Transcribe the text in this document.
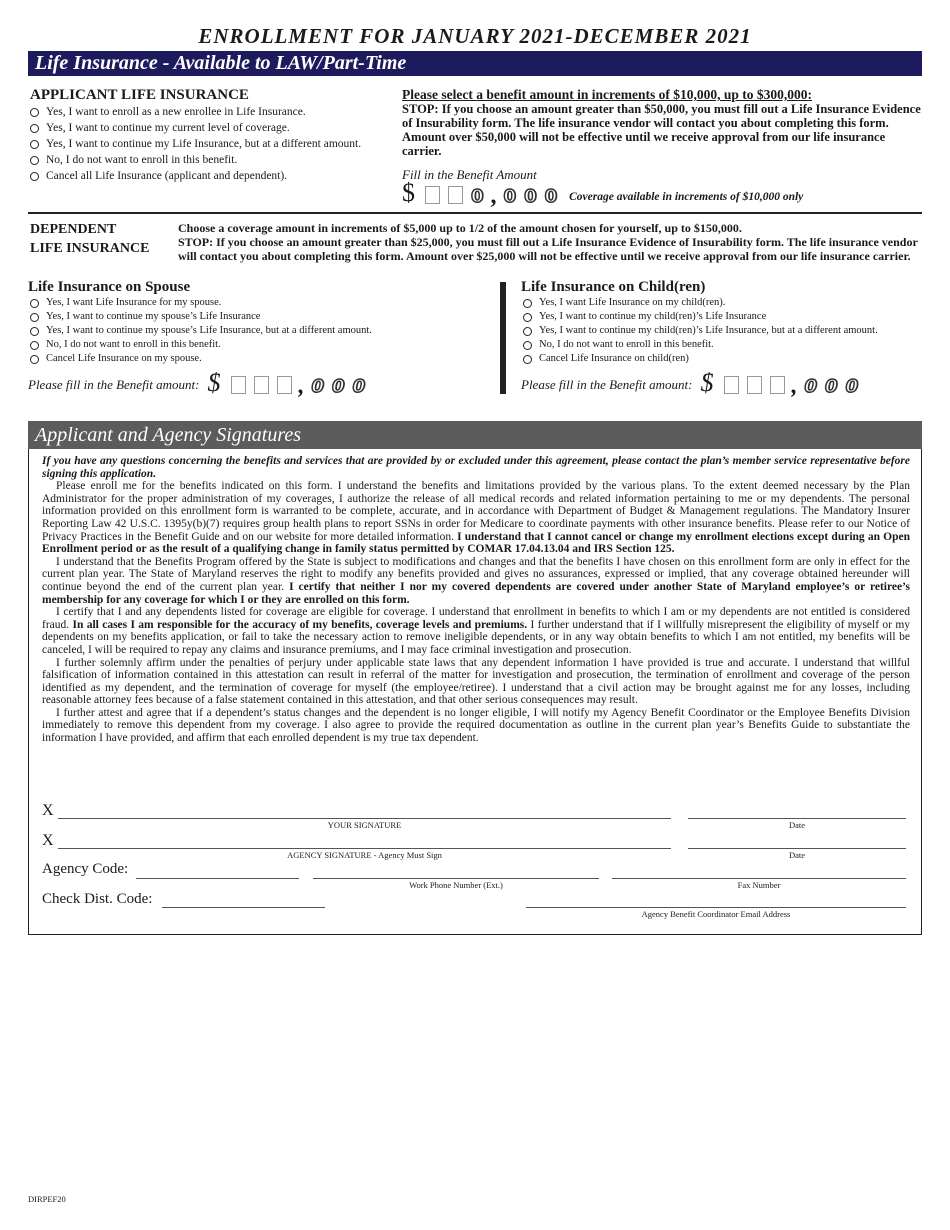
ENROLLMENT FOR JANUARY 2021-DECEMBER 2021
Life Insurance - Available to LAW/Part-Time
APPLICANT LIFE INSURANCE
Yes, I want to enroll as a new enrollee in Life Insurance.
Yes, I want to continue my current level of coverage.
Yes, I want to continue my Life Insurance, but at a different amount.
No, I do not want to enroll in this benefit.
Cancel all Life Insurance (applicant and dependent).
Please select a benefit amount in increments of $10,000, up to $300,000:
STOP: If you choose an amount greater than $50,000, you must fill out a Life Insurance Evidence of Insurability form. The life insurance vendor will contact you about completing this form. Amount over $50,000 will not be effective until we receive approval from our life insurance carrier.
Fill in the Benefit Amount
$	0 , 0 0 0 Coverage available in increments of $10,000 only
DEPENDENT
LIFE INSURANCE
Choose a coverage amount in increments of $5,000 up to 1/2 of the amount chosen for yourself, up to $150,000.
STOP: If you choose an amount greater than $25,000, you must fill out a Life Insurance Evidence of Insurability form. The life insurance vendor will contact you about completing this form. Amount over $25,000 will not be effective until we receive approval from our life insurance carrier.
Life Insurance on Spouse
Yes, I want Life Insurance for my spouse.
Yes, I want to continue my spouse’s Life Insurance
Yes, I want to continue my spouse’s Life Insurance, but at a different amount.
No, I do not want to enroll in this benefit.
Cancel Life Insurance on my spouse.
Please fill in the Benefit amount: $	, 0 0 0
Life Insurance on Child(ren)
Yes, I want Life Insurance on my child(ren).
Yes, I want to continue my child(ren)’s Life Insurance
Yes, I want to continue my child(ren)’s Life Insurance, but at a different amount.
No, I do not want to enroll in this benefit.
Cancel Life Insurance on child(ren)
Please fill in the Benefit amount: $	, 0 0 0
Applicant and Agency Signatures

If you have any questions concerning the benefits and services that are provided by or excluded under this agreement, please contact the plan’s member service representative before signing this application.

Please enroll me for the benefits indicated on this form. I understand the benefits and limitations provided by the various plans. To the extent deemed necessary by the Plan Administrator for the proper administration of my coverages, I authorize the release of all medical records and related information pertaining to me or my dependents. The personal information provided on this enrollment form is warranted to be complete, accurate, and in accordance with Department of Budget & Management regulations. The Mandatory Insurer Reporting Law 42 U.S.C. 1395y(b)(7) requires group health plans to report SSNs in order for Medicare to coordinate payments with other insurance benefits. Please refer to our Notice of Privacy Practices in the Benefit Guide and on our website for more detailed information. I understand that I cannot cancel or change my enrollment elections except during an Open Enrollment period or as the result of a qualifying change in family status permitted by COMAR 17.04.13.04 and IRS Section 125.

I understand that the Benefits Program offered by the State is subject to modifications and changes and that the benefits I have chosen on this enrollment form are only in effect for the current plan year. The State of Maryland reserves the right to modify any benefits provided and gives no assurances, expressed or implied, that any coverage obtained hereunder will continue beyond the end of the current plan year. I certify that neither I nor my covered dependents are covered under another State of Maryland employee’s or retiree’s membership for any coverage for which I or they are enrolled on this form.

I certify that I and any dependents listed for coverage are eligible for coverage. I understand that enrollment in benefits to which I am or my dependents are not entitled is considered fraud. In all cases I am responsible for the accuracy of my benefits, coverage levels and premiums. I further understand that if I willfully misrepresent the eligibility of myself or my dependents on my benefits application, or fail to take the necessary action to remove ineligible dependents, or in any way obtain benefits to which I am not entitled, my benefits will be canceled, I will be required to repay any claims and insurance premiums, and I may face criminal investigation and prosecution.

I further solemnly affirm under the penalties of perjury under applicable state laws that any dependent information I have provided is true and accurate. I understand that willful falsification of information contained in this attestation can result in referral of the matter for investigation and prosecution, the termination of enrollment and coverage of the person identified as my dependent, and the termination of coverage for myself (the employee/retiree). I understand that a civil action may be brought against me for any losses, including reasonable attorney fees because of a false statement contained in this attestation, and that other serious consequences may result.

I further attest and agree that if a dependent’s status changes and the dependent is no longer eligible, I will notify my Agency Benefit Coordinator or the Employee Benefits Division immediately to remove this dependent from my coverage. I also agree to provide the required documentation as outline in the current plan year’s Benefits Guide to substantiate the information I have provided, and affirm that each enrolled dependent is my true tax dependent.

X
YOUR SIGNATURE	Date
X
AGENCY SIGNATURE - Agency Must Sign	Date
Agency Code:
Work Phone Number (Ext.)	Fax Number
Check Dist. Code:
Agency Benefit Coordinator Email Address
DIRPEF20
